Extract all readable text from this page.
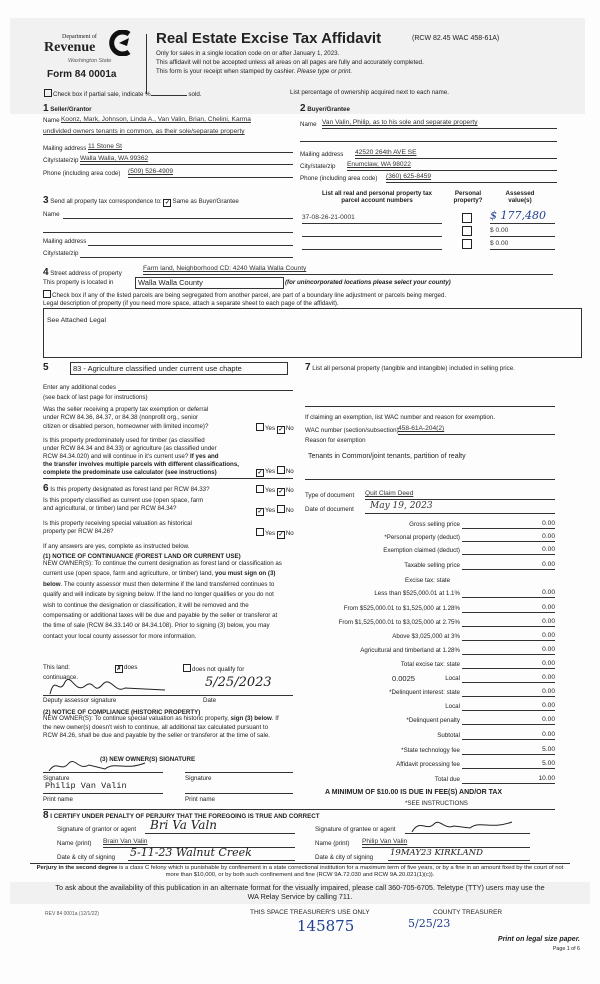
Department of
Revenue
Washington State
Form 84 0001a
Real Estate Excise Tax Affidavit	(RCW 82.45 WAC 458-61A)
Only for sales in a single location code on or after January 1, 2023.
This affidavit will not be accepted unless all areas on all pages are fully and accurately completed.
This form is your receipt when stamped by cashier. Please type or print.
Check box if partial sale, indicate %	sold.	List percentage of ownership acquired next to each name.
1 Seller/Grantor
Name Koonz, Mark, Johnson, Linda A., Van Valin, Brian, Chelini, Karma
undivided owners tenants in common, as their sole/separate property
Mailing address 11 Stone St
City/state/zip Walla Walla, WA 99362
Phone (including area code) (509) 526-4909
2 Buyer/Grantee
Name Van Valin, Philip, as to his sole and separate property
Mailing address 42520 264th AVE SE
City/state/zip Enumclaw, WA 98022
Phone (including area code) (360) 625-8459
3 Send all property tax correspondence to: ✓ Same as Buyer/Grantee
Name
Mailing address
City/state/zip
List all real and personal property tax
parcel account numbers
Personal
property?
Assessed
value(s)
37-08-26-21-0001	$ 177,480
$ 0.00
$ 0.00
4 Street address of property
Farm land, Neighborhood CD: 4240 Walla Walla County
This property is located in	Walla Walla County	(for unincorporated locations please select your county)
Check box if any of the listed parcels are being segregated from another parcel, are part of a boundary line adjustment or parcels being merged.
Legal description of property (if you need more space, attach a separate sheet to each page of the affidavit).
See Attached Legal
5	83 - Agriculture classified under current use chapte
Enter any additional codes
(see back of last page for instructions)
Was the seller receiving a property tax exemption or deferral
under RCW 84.36, 84.37, or 84.38 (nonprofit org., senior
citizen or disabled person, homeowner with limited income)?	Yes ✓ No
Is this property predominately used for timber (as classified
under RCW 84.34 and 84.33) or agriculture (as classified under
RCW 84.34.020) and will continue in it's current use? If yes and
the transfer involves multiple parcels with different classifications,
complete the predominate use calculator (see instructions)	✓ Yes No
6 Is this property designated as forest land per RCW 84.33?	Yes ✓ No
Is this property classified as current use (open space, farm
and agricultural, or timber) land per RCW 84.34?	✓ Yes No
Is this property receiving special valuation as historical
property per RCW 84.26?	Yes ✓ No
If any answers are yes, complete as instructed below.
(1) NOTICE OF CONTINUANCE (FOREST LAND OR CURRENT USE)
NEW OWNER(S): To continue the current designation as forest land or classification as current use (open space, farm and agriculture, or timber) land, you must sign on (3) below. The county assessor must then determine if the land transferred continues to qualify and will indicate by signing below. If the land no longer qualifies or you do not wish to continue the designation or classification, it will be removed and the compensating or additional taxes will be due and payable by the seller or transferor at the time of sale (RCW 84.33.140 or 84.34.108). Prior to signing (3) below, you may contact your local county assessor for more information.
This land:	✗ does	does not qualify for
continuance.	5/25/2023
Deputy assessor signature	Date
(2) NOTICE OF COMPLIANCE (HISTORIC PROPERTY)
NEW OWNER(S): To continue special valuation as historic property, sign (3) below. If the new owner(s) doesn't wish to continue, all additional tax calculated pursuant to RCW 84.26, shall be due and payable by the seller or transferor at the time of sale.
(3) NEW OWNER(S) SIGNATURE
Signature	Signature
Philip Van Valin
Print name	Print name
7 List all personal property (tangible and intangible) included in selling price.
If claiming an exemption, list WAC number and reason for exemption.
WAC number (section/subsection) 458-61A-204(2)
Reason for exemption
Tenants in Common/joint tenants, partition of realty
Type of document Quit Claim Deed
Date of document May 19, 2023
Gross selling price	0.00
*Personal property (deduct)	0.00
Exemption claimed (deduct)	0.00
Taxable selling price	0.00
Excise tax: state
Less than $525,000.01 at 1.1%	0.00
From $525,000.01 to $1,525,000 at 1.28%	0.00
From $1,525,000.01 to $3,025,000 at 2.75%	0.00
Above $3,025,000 at 3%	0.00
Agricultural and timberland at 1.28%	0.00
Total excise tax: state	0.00
Local	0.00
0.0025
*Delinquent interest: state	0.00
Local	0.00
*Delinquent penalty	0.00
Subtotal	0.00
*State technology fee	5.00
Affidavit processing fee	5.00
Total due	10.00
A MINIMUM OF $10.00 IS DUE IN FEE(S) AND/OR TAX
*SEE INSTRUCTIONS
8 I CERTIFY UNDER PENALTY OF PERJURY THAT THE FOREGOING IS TRUE AND CORRECT
Signature of grantor or agent Bri Va Valn
Name (print) Brain Van Valin
Date & city of signing 5-11-23 Walnut Creek
Signature of grantee or agent
Name (print) Philip Van Valin
Date & city of signing 19MAY23 KIRKLAND
Perjury in the second degree is a class C felony which is punishable by confinement in a state correctional institution for a maximum term of five years, or by a fine in an amount fixed by the court of not more than $10,000, or by both such confinement and fine (RCW 9A.72.030 and RCW 9A.20.021(1)(c)).
To ask about the availability of this publication in an alternate format for the visually impaired, please call 360-705-6705. Teletype (TTY) users may use the WA Relay Service by calling 711.
REV 84 0001a (12/1/22)	THIS SPACE TREASURER'S USE ONLY	COUNTY TREASURER
145875	5/25/23
Print on legal size paper.
Page 1 of 6
